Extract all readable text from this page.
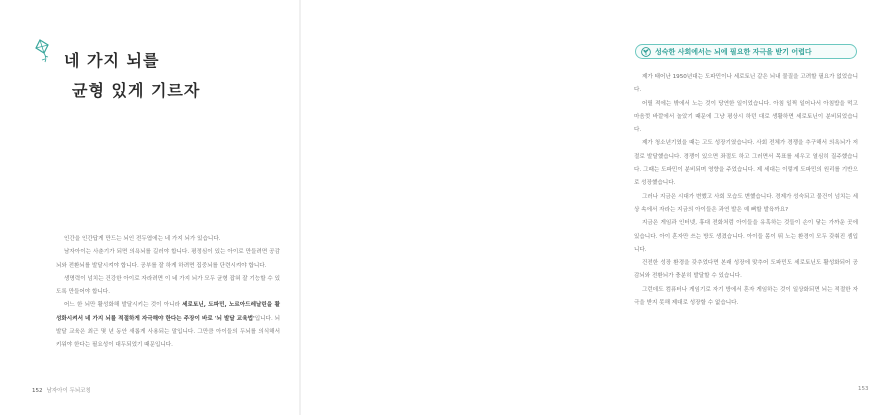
네 가지 뇌를
균형 있게 기르자

인간을 인간답게 만드는 뇌인 전두엽에는 네 가지 뇌가 있습니다.

남자아이는 사춘기가 되면 의욕뇌를 길러야 합니다. 평정심이 있는 아이로 만들려면 공감뇌와 전환뇌를 발달시켜야 합니다. 공부를 잘 하게 하려면 집중뇌를 단련시켜야 합니다.

생명력이 넘치는 건강한 아이로 자라려면 이 네 가지 뇌가 모두 균형 잡혀 잘 기능할 수 있도록 만들어야 합니다.

어느 한 뇌만 활성화해 발달시키는 것이 아니라 세로토닌, 도파민, 노르아드레날린을 활성화시켜서 네 가지 뇌를 적절하게 자극해야 한다는 주장이 바로 '뇌 발달 교육법'입니다. 뇌 발달 교육은 최근 몇 년 동안 새롭게 사용되는 말입니다. 그만큼 아이들의 두뇌를 의식해서 키워야 한다는 필요성이 대두되었기 때문입니다.

152 남자아이 두뇌코칭
성숙한 사회에서는 뇌에 필요한 자극을 받기 어렵다

제가 태어난 1950년대는 도파민이나 세로토닌 같은 뇌내 물질을 고려할 필요가 없었습니다.

어릴 적에는 밖에서 노는 것이 당연한 일이었습니다. 아침 일찍 일어나서 아침밥을 먹고 마음껏 바깥에서 놀았기 때문에 그냥 평상시 하던 대로 생활하면 세로토닌이 분비되었습니다.

제가 청소년기였을 때는 고도 성장기였습니다. 사회 전체가 경쟁을 추구해서 의욕뇌가 저절로 발달했습니다. 경쟁이 있으면 좌절도 하고 그러면서 목표를 세우고 열심히 질주했습니다. 그때는 도파민이 분비되며 영향을 주었습니다. 제 세대는 이렇게 도파민의 원리를 기반으로 성장했습니다.

그러나 지금은 시대가 변했고 사회 모습도 변했습니다. 경제가 성숙되고 물건이 넘치는 세상 속에서 자라는 지금의 아이들은 과연 발은 예 뻐할 발육까요?

지금은 게임과 인터넷, 휴대 전화처럼 아이들을 유혹하는 것들이 손이 닿는 가까운 곳에 있습니다. 아이 혼자만 쓰는 방도 생겼습니다. 아이들 몸이 뛰 노는 환경이 모두 갖춰진 셈입니다.

건전한 성장 환경을 갖추었다면 본래 성장에 맞추어 도파민도 세로토닌도 활성화되어 공감뇌와 전환뇌가 충분히 발달할 수 있습니다.

그런데도 컴퓨터나 게임기로 자기 방에서 혼자 게임하는 것이 일상화되면 뇌는 적절한 자극을 받지 못해 제대로 성장할 수 없습니다.

153
